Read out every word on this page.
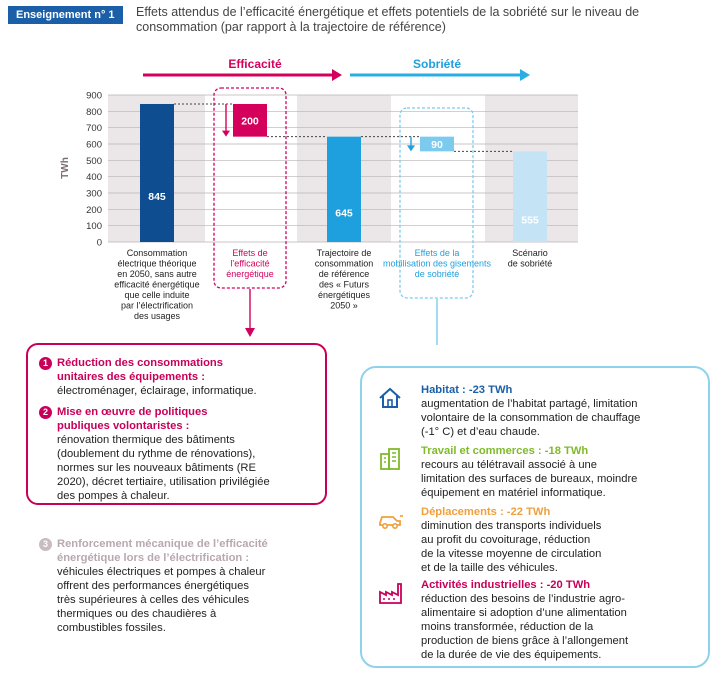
Enseignement n° 1	Effets attendus de l’efficacité énergétique et effets potentiels de la sobriété sur le niveau de consommation (par rapport à la trajectoire de référence)
0
100
200
300
400
500
600
700
800
900
TWh
Efficacité	Sobriété
845
200
645
90
555
Consommation
électrique théorique
en 2050, sans autre
efficacité énergétique
que celle induite
par l’électrification
des usages
Effets de
l’efficacité
énergétique
Trajectoire de
consommation
de référence
des « Futurs
énergétiques
2050 »
Effets de la
mobilisation des gisements
de sobriété
Scénario
de sobriété
1 Réduction des consommations
unitaires des équipements :
électroménager, éclairage, informatique.
2 Mise en œuvre de politiques
publiques volontaristes :
rénovation thermique des bâtiments
(doublement du rythme de rénovations),
normes sur les nouveaux bâtiments (RE
2020), décret tertiaire, utilisation privilégiée
des pompes à chaleur.
3 Renforcement mécanique de l’efficacité
énergétique lors de l’électrification :
véhicules électriques et pompes à chaleur
offrent des performances énergétiques
très supérieures à celles des véhicules
thermiques ou des chaudières à
combustibles fossiles.
Habitat : -23 TWh
augmentation de l’habitat partagé, limitation
volontaire de la consommation de chauffage
(-1° C) et d’eau chaude.
Travail et commerces : -18 TWh
recours au télétravail associé à une
limitation des surfaces de bureaux, moindre
équipement en matériel informatique.
Déplacements : -22 TWh
diminution des transports individuels
au profit du covoiturage, réduction
de la vitesse moyenne de circulation
et de la taille des véhicules.
Activités industrielles : -20 TWh
réduction des besoins de l’industrie agro-
alimentaire si adoption d’une alimentation
moins transformée, réduction de la
production de biens grâce à l’allongement
de la durée de vie des équipements.
